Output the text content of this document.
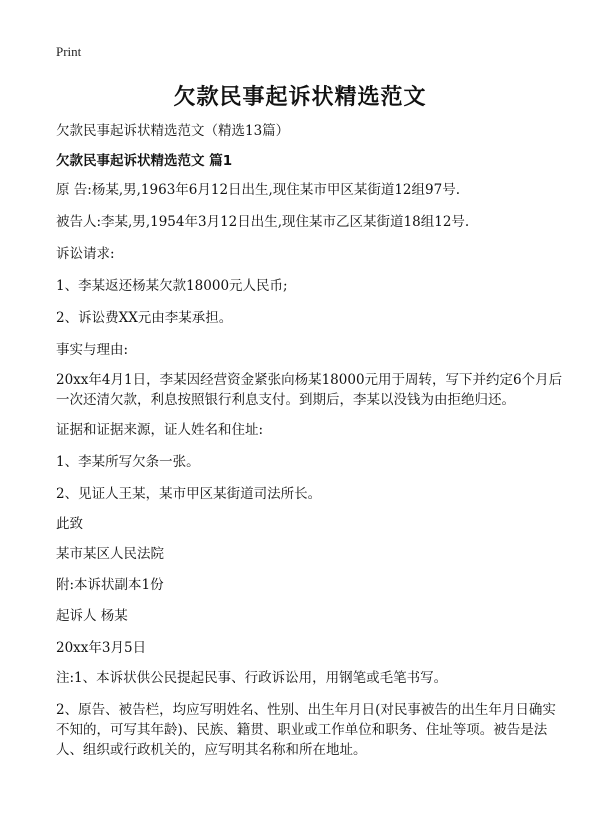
Print
欠款民事起诉状精选范文
欠款民事起诉状精选范文（精选13篇）
欠款民事起诉状精选范文 篇1
原 告:杨某,男,1963年6月12日出生,现住某市甲区某街道12组97号.
被告人:李某,男,1954年3月12日出生,现住某市乙区某街道18组12号.
诉讼请求:
1、李某返还杨某欠款18000元人民币;
2、诉讼费XX元由李某承担。
事实与理由:
20xx年4月1日，李某因经营资金紧张向杨某18000元用于周转，写下并约定6个月后一次还清欠款，利息按照银行利息支付。到期后，李某以没钱为由拒绝归还。
证据和证据来源，证人姓名和住址:
1、李某所写欠条一张。
2、见证人王某，某市甲区某街道司法所长。
此致
某市某区人民法院
附:本诉状副本1份
起诉人 杨某
20xx年3月5日
注:1、本诉状供公民提起民事、行政诉讼用，用钢笔或毛笔书写。
2、原告、被告栏，均应写明姓名、性别、出生年月日(对民事被告的出生年月日确实不知的，可写其年龄)、民族、籍贯、职业或工作单位和职务、住址等项。被告是法人、组织或行政机关的，应写明其名称和所在地址。
